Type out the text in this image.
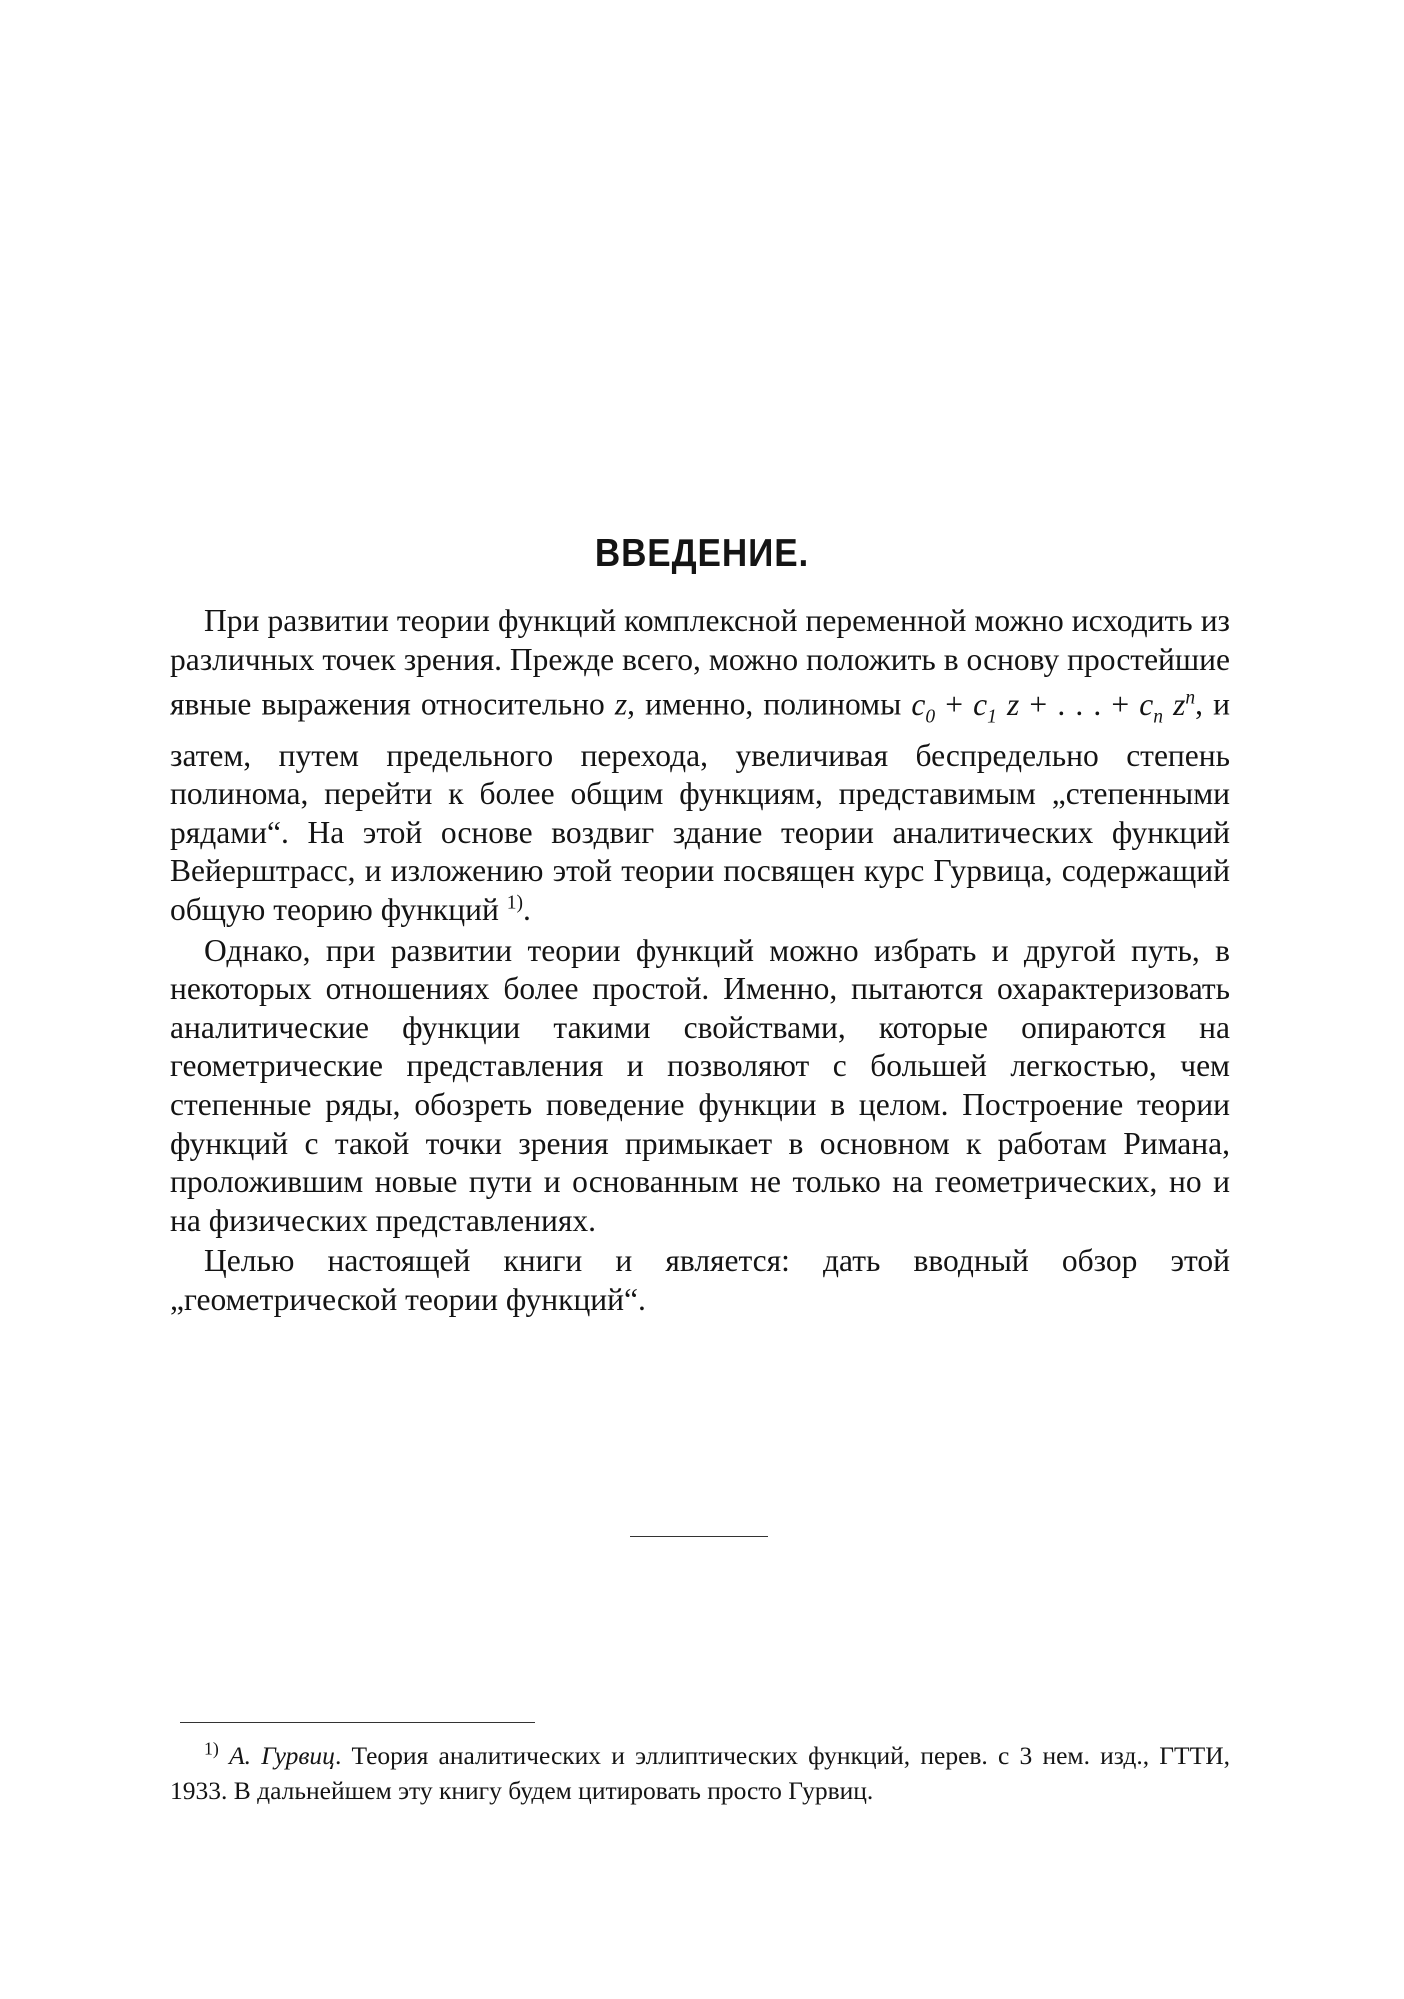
ВВЕДЕНИЕ.

При развитии теории функций комплексной переменной можно исходить из различных точек зрения. Прежде всего, можно положить в основу простейшие явные выражения относительно z, именно, полиномы $c_0 + c_1$ z + . . . + $c_n$ $z^n$, и затем, путем предельного перехода, увеличивая беспредельно степень полинома, перейти к более общим функциям, представимым „степенными рядами“. На этой основе воздвиг здание теории аналитических функций Вейерштрасс, и изложению этой теории посвящен курс Гурвица, содержащий общую теорию функций $^{1)}$.

Однако, при развитии теории функций можно избрать и другой путь, в некоторых отношениях более простой. Именно, пытаются охарактеризовать аналитические функции такими свойствами, которые опираются на геометрические представления и позволяют с большей легкостью, чем степенные ряды, обозреть поведение функции в целом. Построение теории функций с такой точки зрения примыкает в основном к работам Римана, проложившим новые пути и основанным не только на геометрических, но и на физических представлениях.

Целью настоящей книги и является: дать вводный обзор этой „геометрической теории функций“.

$^{1)}$ А. Гурвиц. Теория аналитических и эллиптических функций, перев. с 3 нем. изд., ГТТИ, 1933. В дальнейшем эту книгу будем цитировать просто Гурвиц.
